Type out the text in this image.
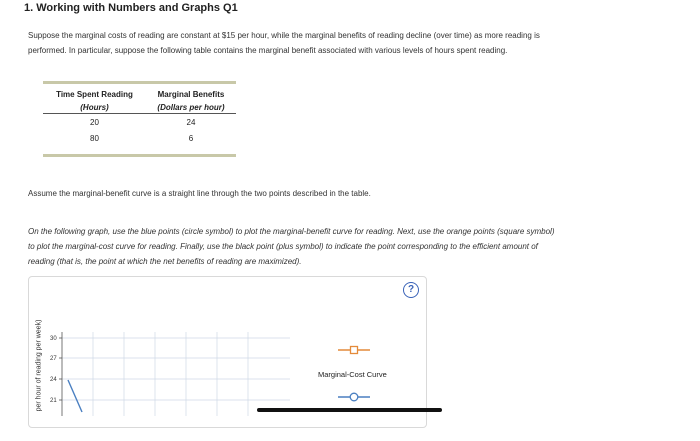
1. Working with Numbers and Graphs Q1
Suppose the marginal costs of reading are constant at $15 per hour, while the marginal benefits of reading decline (over time) as more reading is
performed. In particular, suppose the following table contains the marginal benefit associated with various levels of hours spent reading.
Time Spent Reading	Marginal Benefits
(Hours)	(Dollars per hour)
20	24
80	6
Assume the marginal-benefit curve is a straight line through the two points described in the table.
On the following graph, use the blue points (circle symbol) to plot the marginal-benefit curve for reading. Next, use the orange points (square symbol)
to plot the marginal-cost curve for reading. Finally, use the black point (plus symbol) to indicate the point corresponding to the efficient amount of
reading (that is, the point at which the net benefits of reading are maximized).
?
per hour of reading per week) 30
27
24
21
Marginal-Cost Curve
